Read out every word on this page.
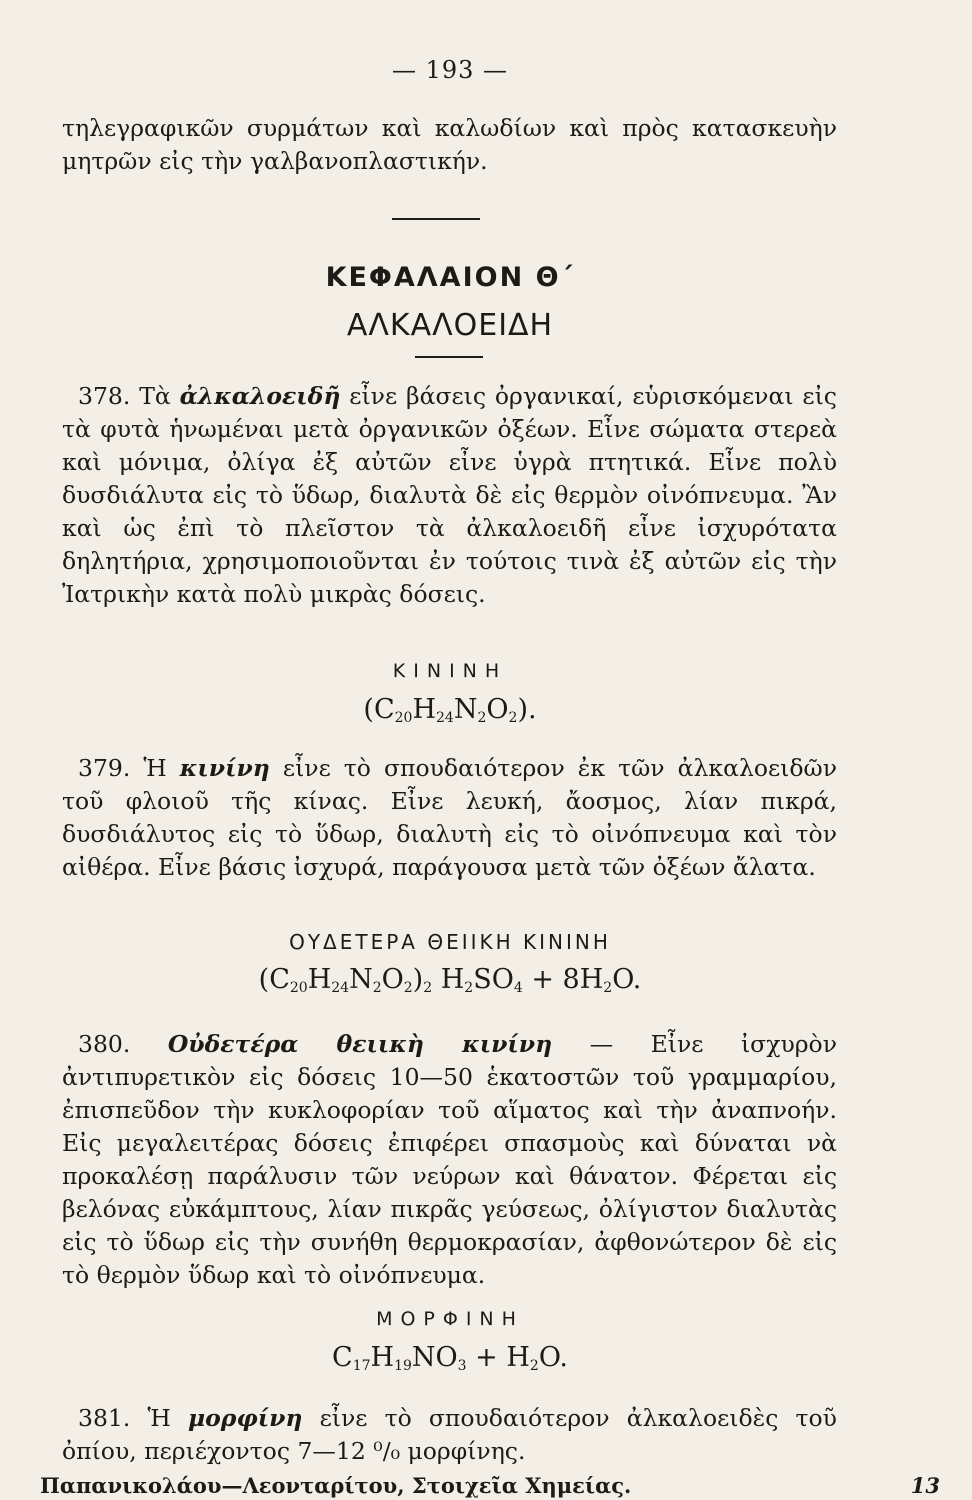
— 193 —
τηλεγραφικῶν συρμάτων καὶ καλωδίων καὶ πρὸς κατασκευὴν μητρῶν εἰς τὴν γαλβανοπλαστικήν.
ΚΕΦΑΛΑΙΟΝ Θ΄
ΑΛΚΑΛΟΕΙΔΗ
378. Τὰ ἀλκαλοειδῆ εἶνε βάσεις ὀργανικαί, εὑρισκόμεναι εἰς τὰ φυτὰ ἡνωμέναι μετὰ ὀργανικῶν ὀξέων. Εἶνε σώματα στερεὰ καὶ μόνιμα, ὀλίγα ἐξ αὐτῶν εἶνε ὑγρὰ πτητικά. Εἶνε πολὺ δυσδιάλυτα εἰς τὸ ὕδωρ, διαλυτὰ δὲ εἰς θερμὸν οἰνόπνευμα. Ἂν καὶ ὡς ἐπὶ τὸ πλεῖστον τὰ ἀλκαλοειδῆ εἶνε ἰσχυρότατα δηλητήρια, χρησιμοποιοῦνται ἐν τούτοις τινὰ ἐξ αὐτῶν εἰς τὴν Ἰατρικὴν κατὰ πολὺ μικρὰς δόσεις.
ΚΙΝΙΝΗ
$(C_{20}H_{24}N_2O_2)$.
379. Ἡ κινίνη εἶνε τὸ σπουδαιότερον ἐκ τῶν ἀλκαλοειδῶν τοῦ φλοιοῦ τῆς κίνας. Εἶνε λευκή, ἄοσμος, λίαν πικρά, δυσδιάλυτος εἰς τὸ ὕδωρ, διαλυτὴ εἰς τὸ οἰνόπνευμα καὶ τὸν αἰθέρα. Εἶνε βάσις ἰσχυρά, παράγουσα μετὰ τῶν ὀξέων ἄλατα.
ΟΥΔΕΤΕΡΑ ΘΕΙΙΚΗ ΚΙΝΙΝΗ
$(C_{20}H_{24}N_2O_2)_2$ $H_2SO_4 + 8H_2O$.
380. Οὐδετέρα θειικὴ κινίνη — Εἶνε ἰσχυρὸν ἀντιπυρετικὸν εἰς δόσεις 10—50 ἑκατοστῶν τοῦ γραμμαρίου, ἐπισπεῦδον τὴν κυκλοφορίαν τοῦ αἵματος καὶ τὴν ἀναπνοήν. Εἰς μεγαλειτέρας δόσεις ἐπιφέρει σπασμοὺς καὶ δύναται νὰ προκαλέσῃ παράλυσιν τῶν νεύρων καὶ θάνατον. Φέρεται εἰς βελόνας εὐκάμπτους, λίαν πικρᾶς γεύσεως, ὀλίγιστον διαλυτὰς εἰς τὸ ὕδωρ εἰς τὴν συνήθη θερμοκρασίαν, ἀφθονώτερον δὲ εἰς τὸ θερμὸν ὕδωρ καὶ τὸ οἰνόπνευμα.
ΜΟΡΦΙΝΗ
$C_{17}H_{19}NO_3 + H_2O$.
381. Ἡ μορφίνη εἶνε τὸ σπουδαιότερον ἀλκαλοειδὲς τοῦ ὀπίου, περιέχοντος 7—12 ⁰/₀ μορφίνης.
Παπανικολάου—Λεονταρίτου, Στοιχεῖα Χημείας.	13
